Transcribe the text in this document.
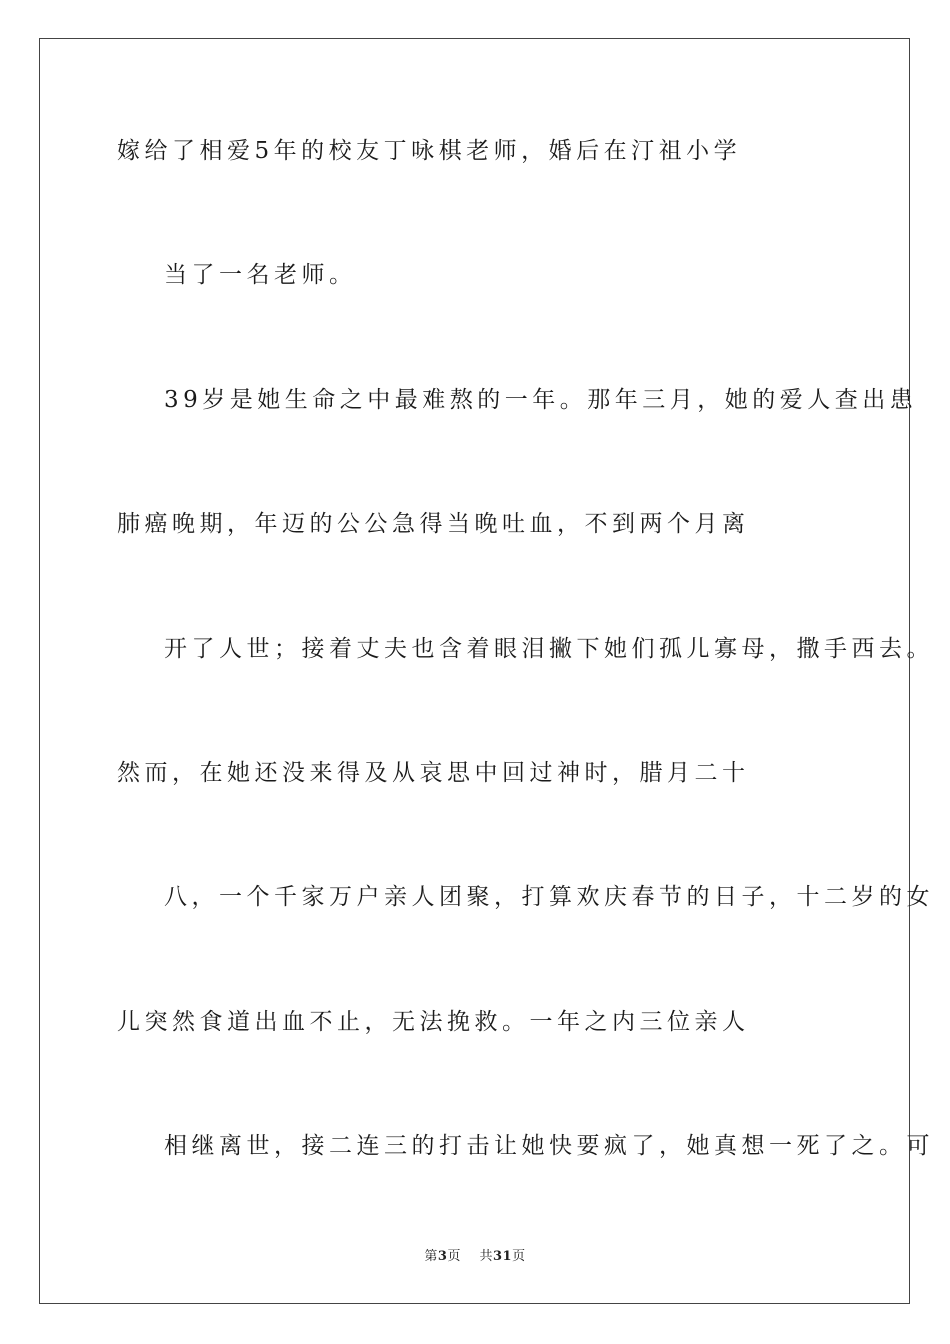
嫁给了相爱5年的校友丁咏棋老师，婚后在汀祖小学
当了一名老师。
39岁是她生命之中最难熬的一年。那年三月，她的爱人查出患
肺癌晚期，年迈的公公急得当晚吐血，不到两个月离
开了人世；接着丈夫也含着眼泪撇下她们孤儿寡母，撒手西去。
然而，在她还没来得及从哀思中回过神时，腊月二十
八，一个千家万户亲人团聚，打算欢庆春节的日子，十二岁的女
儿突然食道出血不止，无法挽救。一年之内三位亲人
相继离世，接二连三的打击让她快要疯了，她真想一死了之。可
第3页 共31页
